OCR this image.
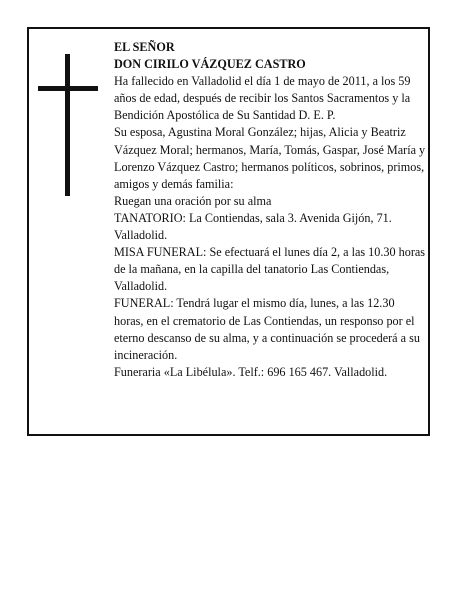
EL SEÑOR

DON CIRILO VÁZQUEZ CASTRO

Ha fallecido en Valladolid el día 1 de mayo de 2011, a los 59 años de edad, después de recibir los Santos Sacramentos y la Bendición Apostólica de Su Santidad D. E. P.

Su esposa, Agustina Moral González; hijas, Alicia y Beatriz Vázquez Moral; hermanos, María, Tomás, Gaspar, José María y Lorenzo Vázquez Castro; hermanos políticos, sobrinos, primos, amigos y demás familia:

Ruegan una oración por su alma

TANATORIO: La Contiendas, sala 3. Avenida Gijón, 71. Valladolid.

MISA FUNERAL: Se efectuará el lunes día 2, a las 10.30 horas de la mañana, en la capilla del tanatorio Las Contiendas, Valladolid.

FUNERAL: Tendrá lugar el mismo día, lunes, a las 12.30 horas, en el crematorio de Las Contiendas, un responso por el eterno descanso de su alma, y a continuación se procederá a su incineración.

Funeraria «La Libélula». Telf.: 696 165 467. Valladolid.
